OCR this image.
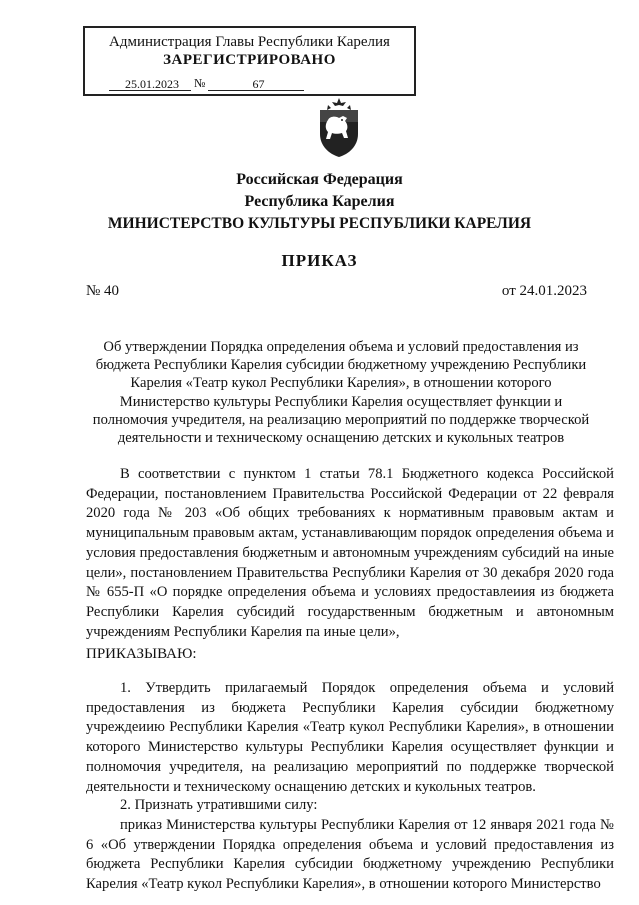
Администрация Главы Республики Карелия
ЗАРЕГИСТРИРОВАНО
25.01.2023 №	67
Российская Федерация
Республика Карелия
МИНИСТЕРСТВО КУЛЬТУРЫ РЕСПУБЛИКИ КАРЕЛИЯ
ПРИКАЗ
№ 40	от 24.01.2023
Об утверждении Порядка определения объема и условий предоставления из бюджета Республики Карелия субсидии бюджетному учреждению Республики Карелия «Театр кукол Республики Карелия», в отношении которого Министерство культуры Республики Карелия осуществляет функции и полномочия учредителя, на реализацию мероприятий по поддержке творческой деятельности и техническому оснащению детских и кукольных театров
В соответствии с пунктом 1 статьи 78.1 Бюджетного кодекса Российской Федерации, постановлением Правительства Российской Федерации от 22 февраля 2020 года № 203 «Об общих требованиях к нормативным правовым актам и муниципальным правовым актам, устанавливающим порядок определения объема и условия предоставления бюджетным и автономным учреждениям субсидий на иные цели», постановлением Правительства Республики Карелия от 30 декабря 2020 года № 655-П «О порядке определения объема и условиях предоставлеиия из бюджета Республики Карелия субсидий государственным бюджетным и автономным учреждениям Республики Карелия па иные цели»,
ПРИКАЗЫВАЮ:
1. Утвердить прилагаемый Порядок определения объема и условий предоставления из бюджета Республики Карелия субсидии бюджетному учреждеиию Республики Карелия «Театр кукол Республики Карелия», в отношении которого Министерство культуры Республики Карелия осуществляет функции и полномочия учредителя, на реализацию мероприятий по поддержке творческой деятельности и техническому оснащению детских и кукольных театров.
2. Признать утратившими силу:
приказ Министерства культуры Республики Карелия от 12 января 2021 года № 6 «Об утверждении Порядка определения объема и условий предоставления из бюджета Республики Карелия субсидии бюджетному учреждению Республики Карелия «Театр кукол Республики Карелия», в отношении которого Министерство
